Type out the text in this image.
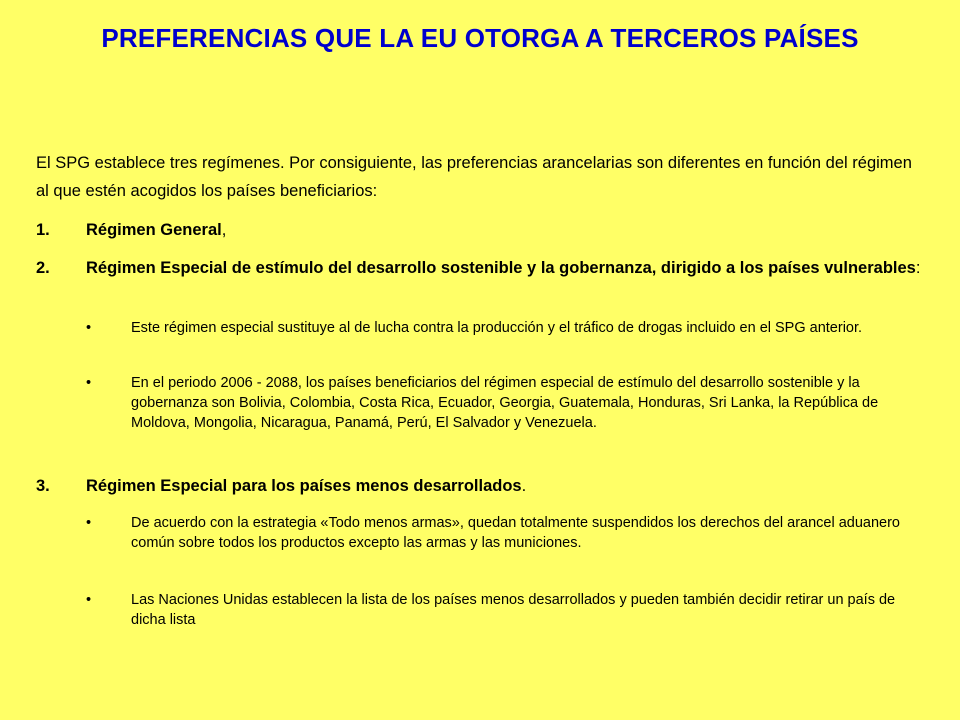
PREFERENCIAS QUE LA EU OTORGA A TERCEROS PAÍSES
El SPG establece tres regímenes. Por consiguiente, las preferencias arancelarias son diferentes en función del régimen al que estén acogidos los países beneficiarios:
1. Régimen General,
2. Régimen Especial de estímulo del desarrollo sostenible y la gobernanza, dirigido a los países vulnerables:
•	Este régimen especial sustituye al de lucha contra la producción y el tráfico de drogas incluido en el SPG anterior.
•	En el periodo 2006 - 2088, los países beneficiarios del régimen especial de estímulo del desarrollo sostenible y la gobernanza son Bolivia, Colombia, Costa Rica, Ecuador, Georgia, Guatemala, Honduras, Sri Lanka, la República de Moldova, Mongolia, Nicaragua, Panamá, Perú, El Salvador y Venezuela.
3. Régimen Especial para los países menos desarrollados.
•	De acuerdo con la estrategia «Todo menos armas», quedan totalmente suspendidos los derechos del arancel aduanero común sobre todos los productos excepto las armas y las municiones.
•	Las Naciones Unidas establecen la lista de los países menos desarrollados y pueden también decidir retirar un país de dicha lista
